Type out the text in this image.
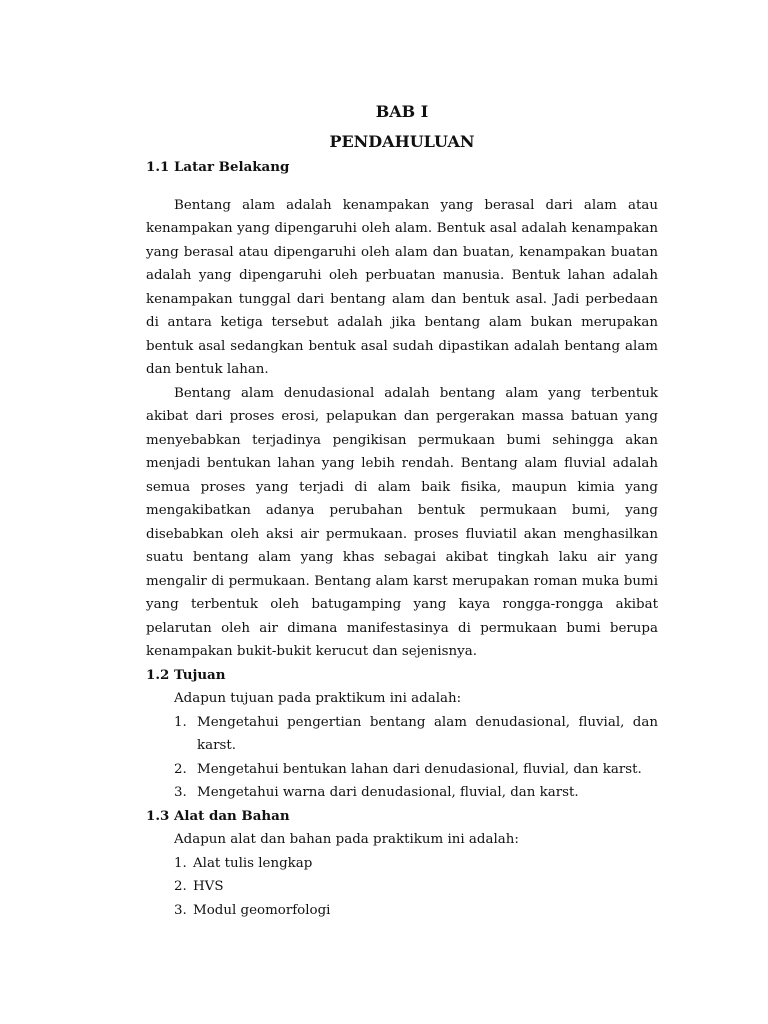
BAB I
PENDAHULUAN
1.1 Latar Belakang

Bentang alam adalah kenampakan yang berasal dari alam atau kenampakan yang dipengaruhi oleh alam. Bentuk asal adalah kenampakan yang berasal atau dipengaruhi oleh alam dan buatan, kenampakan buatan adalah yang dipengaruhi oleh perbuatan manusia. Bentuk lahan adalah kenampakan tunggal dari bentang alam dan bentuk asal. Jadi perbedaan di antara ketiga tersebut adalah jika bentang alam bukan merupakan bentuk asal sedangkan bentuk asal sudah dipastikan adalah bentang alam dan bentuk lahan.

Bentang alam denudasional adalah bentang alam yang terbentuk akibat dari proses erosi, pelapukan dan pergerakan massa batuan yang menyebabkan terjadinya pengikisan permukaan bumi sehingga akan menjadi bentukan lahan yang lebih rendah. Bentang alam fluvial adalah semua proses yang terjadi di alam baik fisika, maupun kimia yang mengakibatkan adanya perubahan bentuk permukaan bumi, yang disebabkan oleh aksi air permukaan. proses fluviatil akan menghasilkan suatu bentang alam yang khas sebagai akibat tingkah laku air yang mengalir di permukaan. Bentang alam karst merupakan roman muka bumi yang terbentuk oleh batugamping yang kaya rongga-rongga akibat pelarutan oleh air dimana manifestasinya di permukaan bumi berupa kenampakan bukit-bukit kerucut dan sejenisnya.

1.2 Tujuan

Adapun tujuan pada praktikum ini adalah:

1. Mengetahui pengertian bentang alam denudasional, fluvial, dan karst.
2. Mengetahui bentukan lahan dari denudasional, fluvial, dan karst.
3. Mengetahui warna dari denudasional, fluvial, dan karst.
1.3 Alat dan Bahan

Adapun alat dan bahan pada praktikum ini adalah:

1. Alat tulis lengkap
2. HVS
3. Modul geomorfologi
